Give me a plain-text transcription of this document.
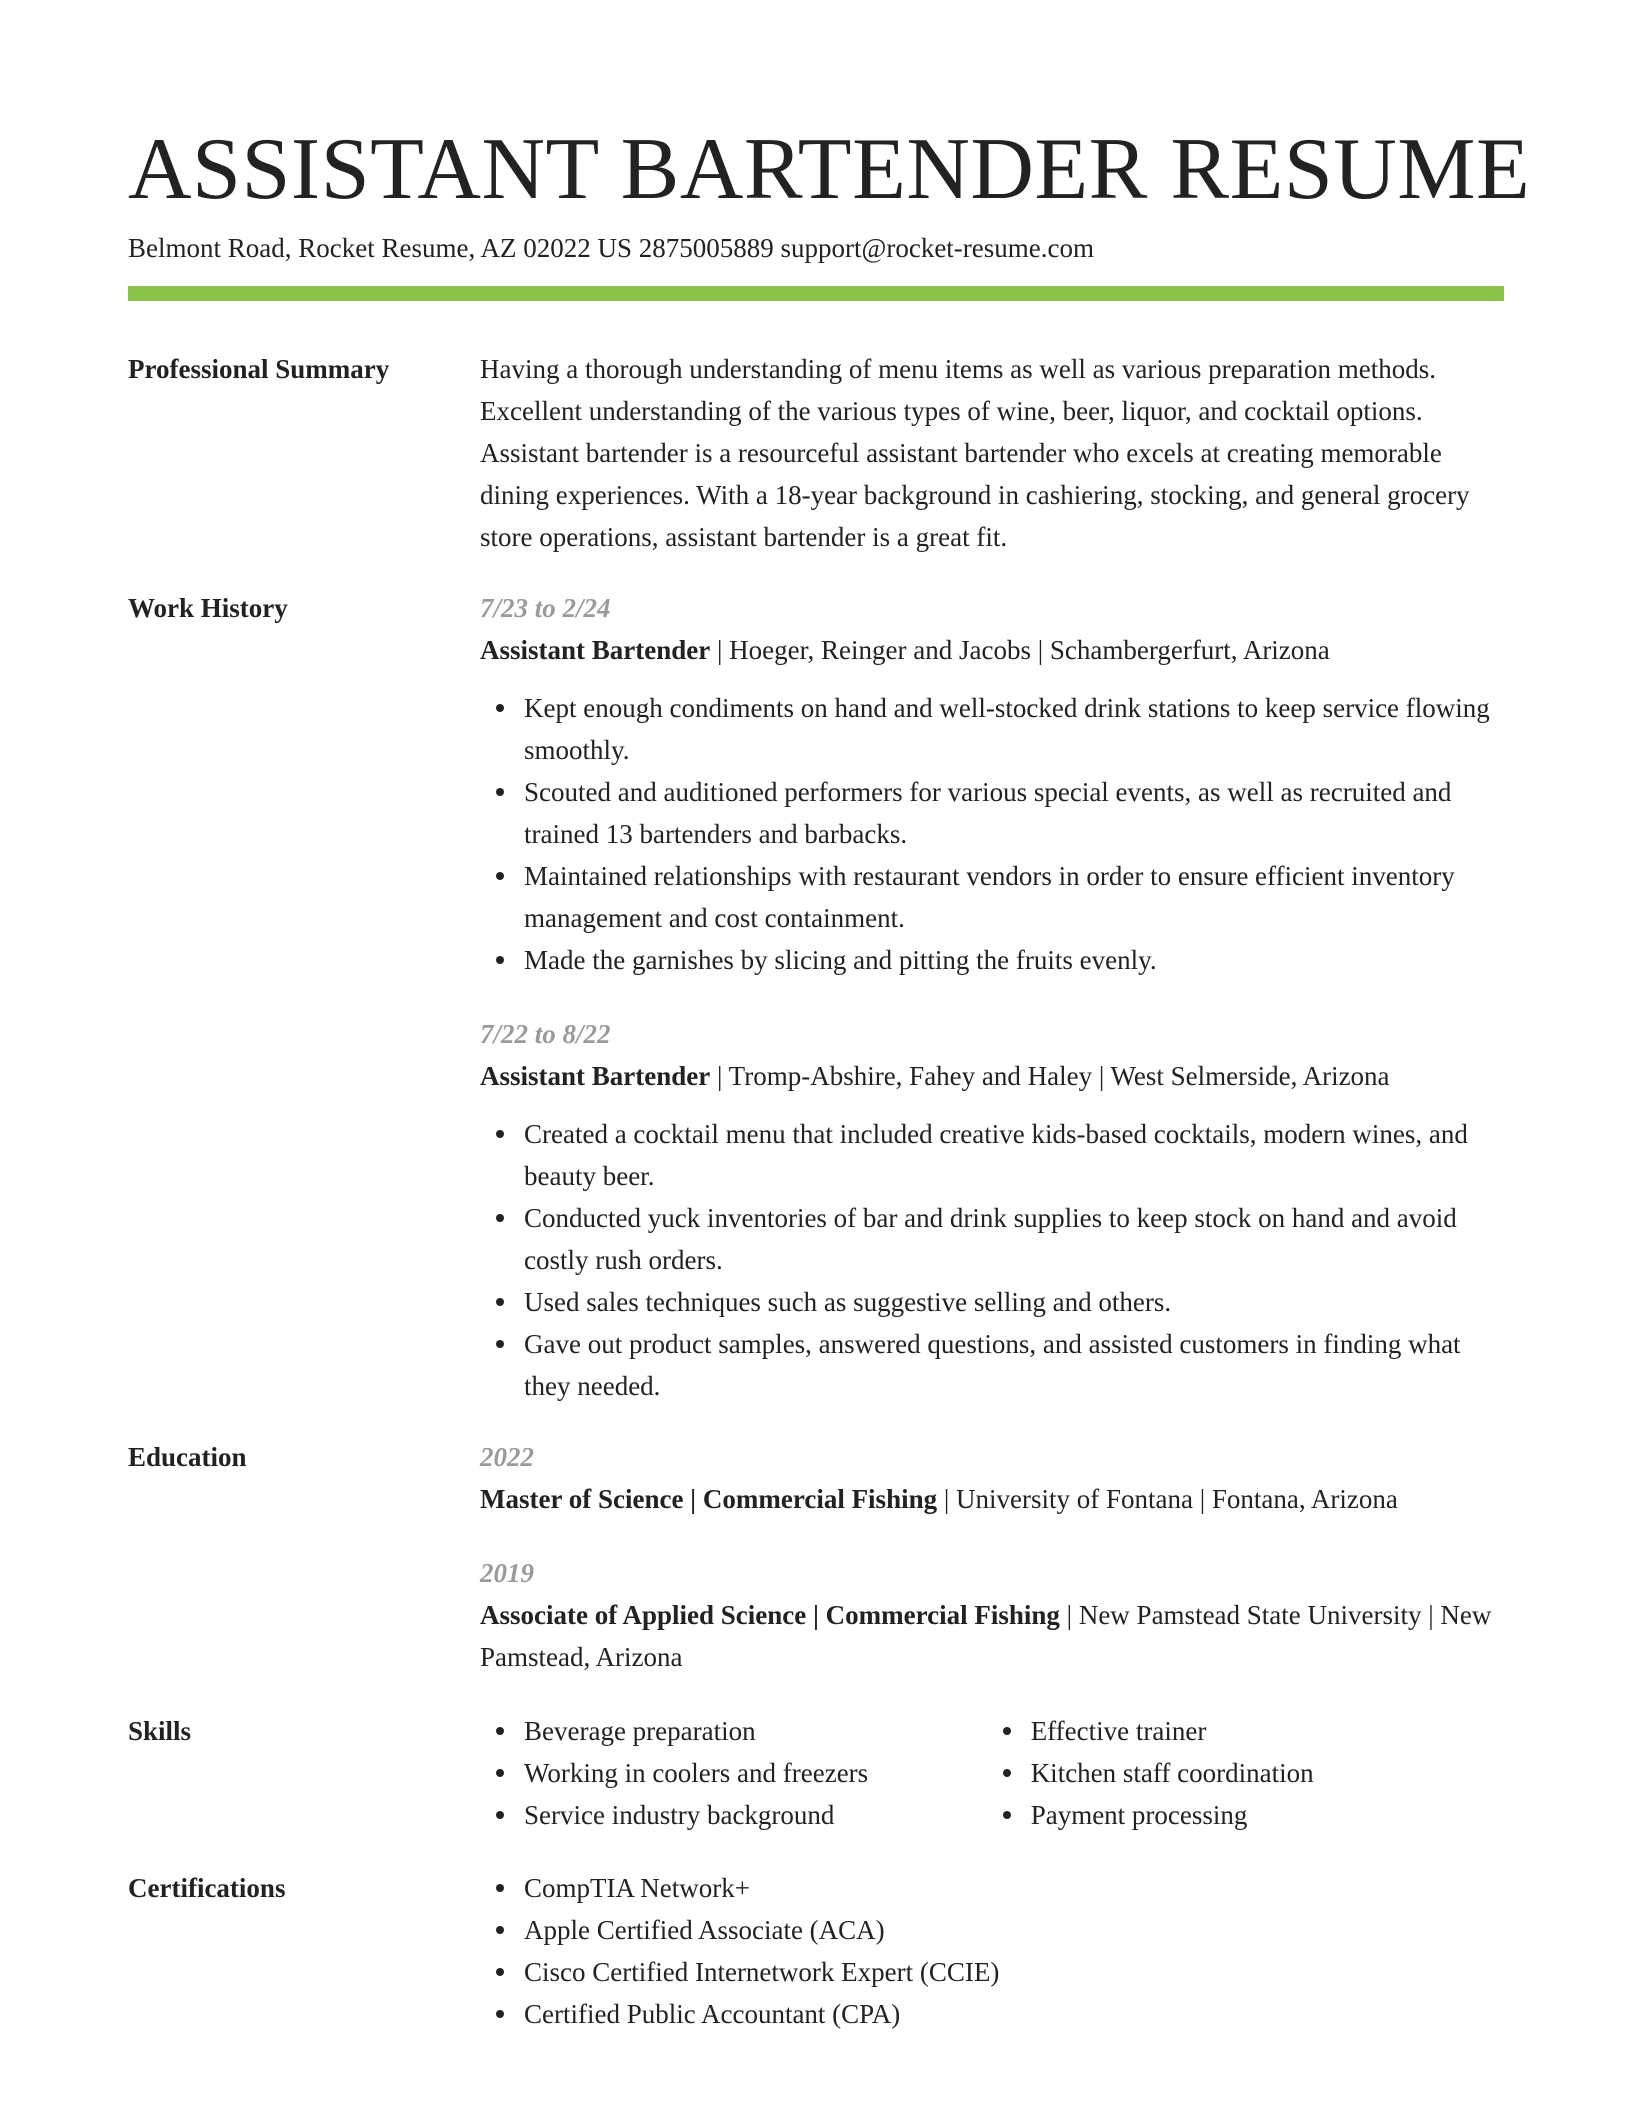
ASSISTANT BARTENDER RESUME
Belmont Road, Rocket Resume, AZ 02022 US 2875005889 support@rocket-resume.com
Professional Summary	Having a thorough understanding of menu items as well as various preparation methods. Excellent understanding of the various types of wine, beer, liquor, and cocktail options. Assistant bartender is a resourceful assistant bartender who excels at creating memorable dining experiences. With a 18-year background in cashiering, stocking, and general grocery store operations, assistant bartender is a great fit.

Work History	7/23 to 2/24
Assistant Bartender | Hoeger, Reinger and Jacobs | Schambergerfurt, Arizona
Kept enough condiments on hand and well-stocked drink stations to keep service flowing smoothly.
Scouted and auditioned performers for various special events, as well as recruited and trained 13 bartenders and barbacks.
Maintained relationships with restaurant vendors in order to ensure efficient inventory management and cost containment.
Made the garnishes by slicing and pitting the fruits evenly.
7/22 to 8/22
Assistant Bartender | Tromp-Abshire, Fahey and Haley | West Selmerside, Arizona
Created a cocktail menu that included creative kids-based cocktails, modern wines, and beauty beer.
Conducted yuck inventories of bar and drink supplies to keep stock on hand and avoid costly rush orders.
Used sales techniques such as suggestive selling and others.
Gave out product samples, answered questions, and assisted customers in finding what they needed.
Education	2022
Master of Science | Commercial Fishing | University of Fontana | Fontana, Arizona
2019
Associate of Applied Science | Commercial Fishing | New Pamstead State University | New Pamstead, Arizona
Skills	Beverage preparation
Working in coolers and freezers
Service industry background
Effective trainer
Kitchen staff coordination
Payment processing
Certifications	CompTIA Network+
Apple Certified Associate (ACA)
Cisco Certified Internetwork Expert (CCIE)
Certified Public Accountant (CPA)
